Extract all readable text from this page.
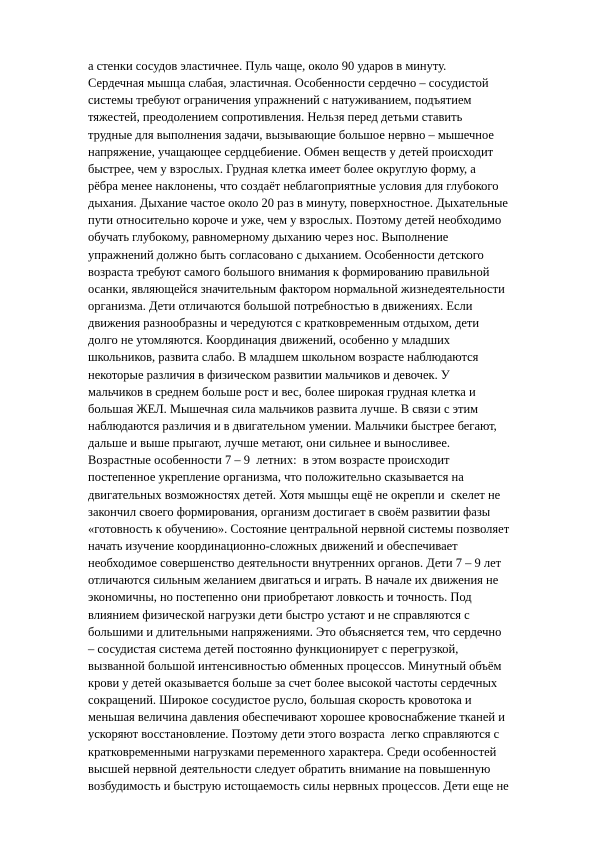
а стенки сосудов эластичнее. Пуль чаще, около 90 ударов в минуту.
Сердечная мышца слабая, эластичная. Особенности сердечно – сосудистой
системы требуют ограничения упражнений с натуживанием, подъятием
тяжестей, преодолением сопротивления. Нельзя перед детьми ставить
трудные для выполнения задачи, вызывающие большое нервно – мышечное
напряжение, учащающее сердцебиение. Обмен веществ у детей происходит
быстрее, чем у взрослых. Грудная клетка имеет более округлую форму, а
рёбра менее наклонены, что создаёт неблагоприятные условия для глубокого
дыхания. Дыхание частое около 20 раз в минуту, поверхностное. Дыхательные
пути относительно короче и уже, чем у взрослых. Поэтому детей необходимо
обучать глубокому, равномерному дыханию через нос. Выполнение
упражнений должно быть согласовано с дыханием. Особенности детского
возраста требуют самого большого внимания к формированию правильной
осанки, являющейся значительным фактором нормальной жизнедеятельности
организма. Дети отличаются большой потребностью в движениях. Если
движения разнообразны и чередуются с кратковременным отдыхом, дети
долго не утомляются. Координация движений, особенно у младших
школьников, развита слабо. В младшем школьном возрасте наблюдаются
некоторые различия в физическом развитии мальчиков и девочек. У
мальчиков в среднем больше рост и вес, более широкая грудная клетка и
большая ЖЕЛ. Мышечная сила мальчиков развита лучше. В связи с этим
наблюдаются различия и в двигательном умении. Мальчики быстрее бегают,
дальше и выше прыгают, лучше метают, они сильнее и выносливее.
Возрастные особенности 7 – 9  летних:  в этом возрасте происходит
постепенное укрепление организма, что положительно сказывается на
двигательных возможностях детей. Хотя мышцы ещё не окрепли и  скелет не
закончил своего формирования, организм достигает в своём развитии фазы
«готовность к обучению». Состояние центральной нервной системы позволяет
начать изучение координационно-сложных движений и обеспечивает
необходимое совершенство деятельности внутренних органов. Дети 7 – 9 лет
отличаются сильным желанием двигаться и играть. В начале их движения не
экономичны, но постепенно они приобретают ловкость и точность. Под
влиянием физической нагрузки дети быстро устают и не справляются с
большими и длительными напряжениями. Это объясняется тем, что сердечно
– сосудистая система детей постоянно функционирует с перегрузкой,
вызванной большой интенсивностью обменных процессов. Минутный объём
крови у детей оказывается больше за счет более высокой частоты сердечных
сокращений. Широкое сосудистое русло, большая скорость кровотока и
меньшая величина давления обеспечивают хорошее кровоснабжение тканей и
ускоряют восстановление. Поэтому дети этого возраста  легко справляются с
кратковременными нагрузками переменного характера. Среди особенностей
высшей нервной деятельности следует обратить внимание на повышенную
возбудимость и быструю истощаемость силы нервных процессов. Дети еще не
